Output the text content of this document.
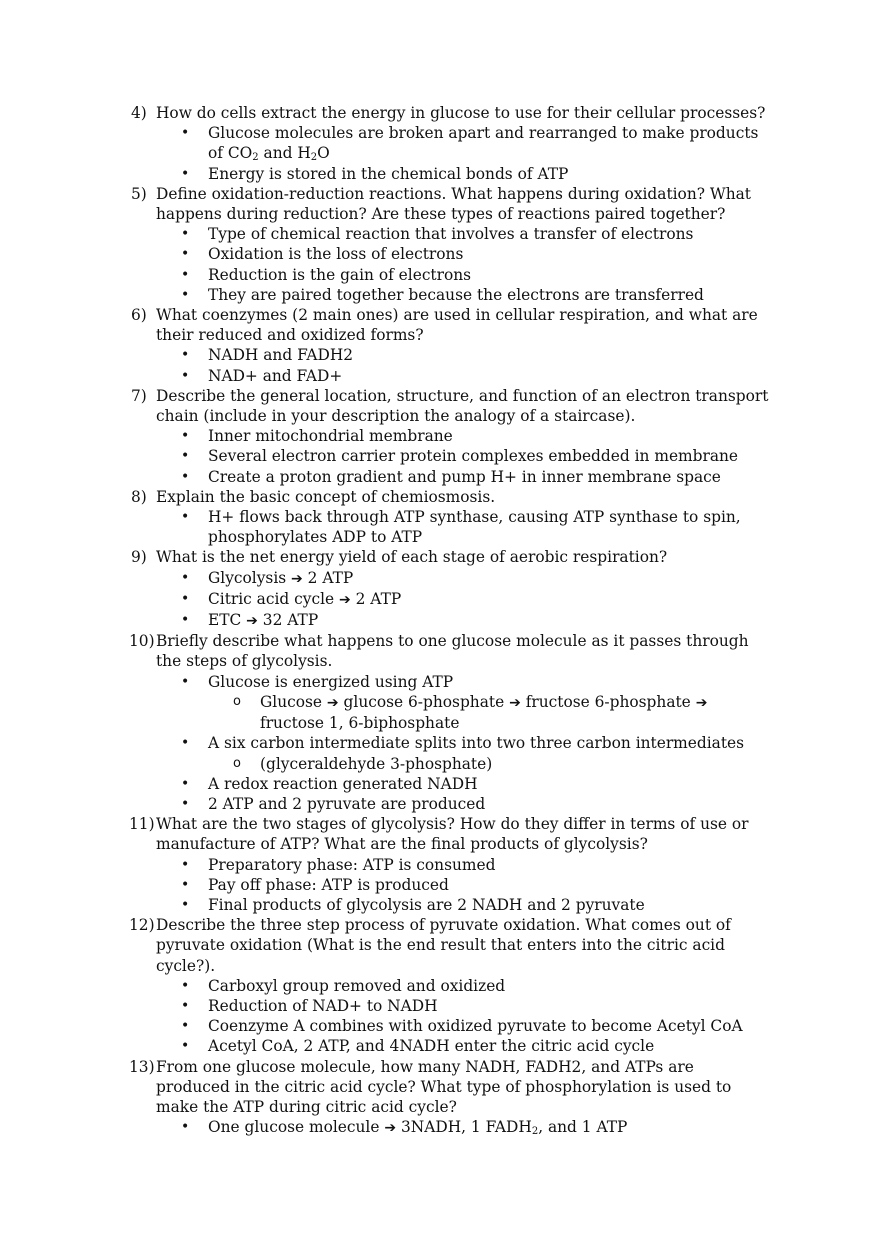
4) How do cells extract the energy in glucose to use for their cellular processes?
• Glucose molecules are broken apart and rearranged to make products of $CO_2$ and $H_2O$
• Energy is stored in the chemical bonds of ATP
5) Define oxidation-reduction reactions. What happens during oxidation? What happens during reduction? Are these types of reactions paired together?
• Type of chemical reaction that involves a transfer of electrons
• Oxidation is the loss of electrons
• Reduction is the gain of electrons
• They are paired together because the electrons are transferred
6) What coenzymes (2 main ones) are used in cellular respiration, and what are their reduced and oxidized forms?
• NADH and FADH2
• NAD+ and FAD+
7) Describe the general location, structure, and function of an electron transport chain (include in your description the analogy of a staircase).
• Inner mitochondrial membrane
• Several electron carrier protein complexes embedded in membrane
• Create a proton gradient and pump H+ in inner membrane space
8) Explain the basic concept of chemiosmosis.
• H+ flows back through ATP synthase, causing ATP synthase to spin, phosphorylates ADP to ATP
9) What is the net energy yield of each stage of aerobic respiration?
• Glycolysis ➔ 2 ATP
• Citric acid cycle ➔ 2 ATP
• ETC ➔ 32 ATP
10) Briefly describe what happens to one glucose molecule as it passes through the steps of glycolysis.
• Glucose is energized using ATP
o Glucose ➔ glucose 6-phosphate ➔ fructose 6-phosphate ➔ fructose 1, 6-biphosphate
• A six carbon intermediate splits into two three carbon intermediates
o (glyceraldehyde 3-phosphate)
• A redox reaction generated NADH
• 2 ATP and 2 pyruvate are produced
11) What are the two stages of glycolysis? How do they differ in terms of use or manufacture of ATP? What are the final products of glycolysis?
• Preparatory phase: ATP is consumed
• Pay off phase: ATP is produced
• Final products of glycolysis are 2 NADH and 2 pyruvate
12) Describe the three step process of pyruvate oxidation. What comes out of pyruvate oxidation (What is the end result that enters into the citric acid cycle?).
• Carboxyl group removed and oxidized
• Reduction of NAD+ to NADH
• Coenzyme A combines with oxidized pyruvate to become Acetyl CoA
• Acetyl CoA, 2 ATP, and 4NADH enter the citric acid cycle
13) From one glucose molecule, how many NADH, FADH2, and ATPs are produced in the citric acid cycle? What type of phosphorylation is used to make the ATP during citric acid cycle?
• One glucose molecule ➔ 3NADH, 1 $FADH_2$, and 1 ATP
